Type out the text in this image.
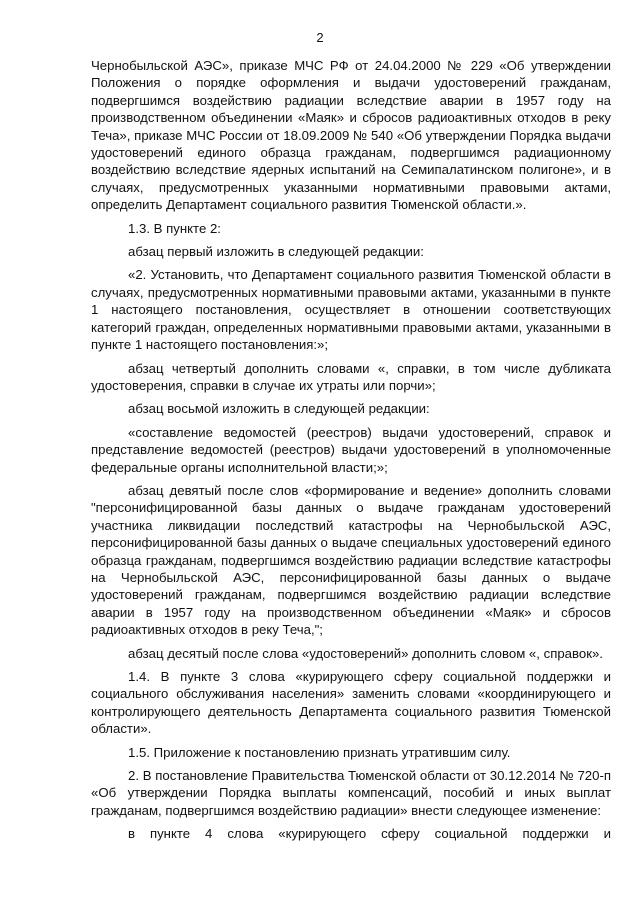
2

Чернобыльской АЭС», приказе МЧС РФ от 24.04.2000 № 229 «Об утверждении Положения о порядке оформления и выдачи удостоверений гражданам, подвергшимся воздействию радиации вследствие аварии в 1957 году на производственном объединении «Маяк» и сбросов радиоактивных отходов в реку Теча», приказе МЧС России от 18.09.2009 № 540 «Об утверждении Порядка выдачи удостоверений единого образца гражданам, подвергшимся радиационному воздействию вследствие ядерных испытаний на Семипалатинском полигоне», и в случаях, предусмотренных указанными нормативными правовыми актами, определить Департамент социального развития Тюменской области.».

1.3. В пункте 2:

абзац первый изложить в следующей редакции:

«2. Установить, что Департамент социального развития Тюменской области в случаях, предусмотренных нормативными правовыми актами, указанными в пункте 1 настоящего постановления, осуществляет в отношении соответствующих категорий граждан, определенных нормативными правовыми актами, указанными в пункте 1 настоящего постановления:»;

абзац четвертый дополнить словами «, справки, в том числе дубликата удостоверения, справки в случае их утраты или порчи»;

абзац восьмой изложить в следующей редакции:

«составление ведомостей (реестров) выдачи удостоверений, справок и представление ведомостей (реестров) выдачи удостоверений в уполномоченные федеральные органы исполнительной власти;»;

абзац девятый после слов «формирование и ведение» дополнить словами "персонифицированной базы данных о выдаче гражданам удостоверений участника ликвидации последствий катастрофы на Чернобыльской АЭС, персонифицированной базы данных о выдаче специальных удостоверений единого образца гражданам, подвергшимся воздействию радиации вследствие катастрофы на Чернобыльской АЭС, персонифицированной базы данных о выдаче удостоверений гражданам, подвергшимся воздействию радиации вследствие аварии в 1957 году на производственном объединении «Маяк» и сбросов радиоактивных отходов в реку Теча,";

абзац десятый после слова «удостоверений» дополнить словом «, справок».

1.4. В пункте 3 слова «курирующего сферу социальной поддержки и социального обслуживания населения» заменить словами «координирующего и контролирующего деятельность Департамента социального развития Тюменской области».

1.5. Приложение к постановлению признать утратившим силу.

2. В постановление Правительства Тюменской области от 30.12.2014 № 720-п «Об утверждении Порядка выплаты компенсаций, пособий и иных выплат гражданам, подвергшимся воздействию радиации» внести следующее изменение:

в пункте 4 слова «курирующего сферу социальной поддержки и
